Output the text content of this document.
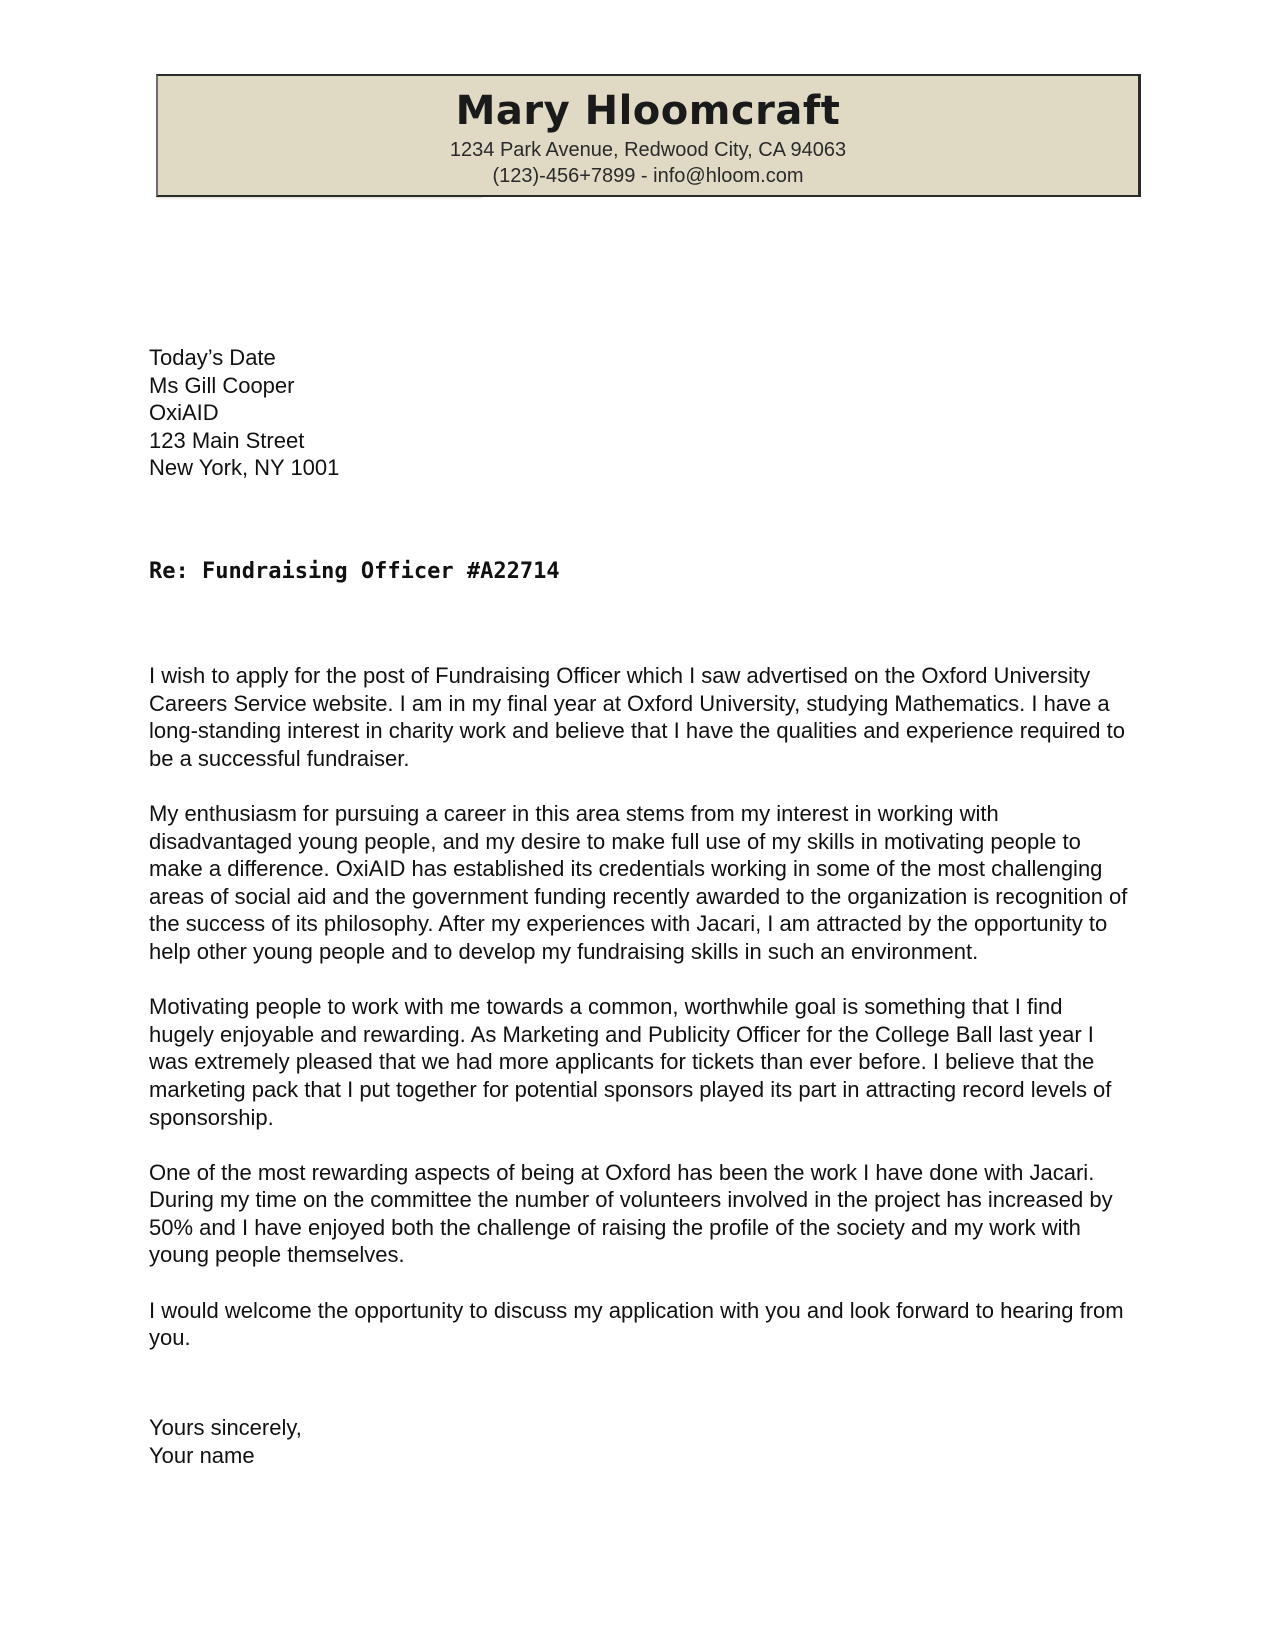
Mary Hloomcraft
1234 Park Avenue, Redwood City, CA 94063
(123)-456+7899 - info@hloom.com
Today’s Date
Ms Gill Cooper
OxiAID
123 Main Street
New York, NY 1001
Re: Fundraising Officer #A22714

I wish to apply for the post of Fundraising Officer which I saw advertised on the Oxford University Careers Service website. I am in my final year at Oxford University, studying Mathematics. I have a long-standing interest in charity work and believe that I have the qualities and experience required to be a successful fundraiser.

My enthusiasm for pursuing a career in this area stems from my interest in working with disadvantaged young people, and my desire to make full use of my skills in motivating people to make a difference. OxiAID has established its credentials working in some of the most challenging areas of social aid and the government funding recently awarded to the organization is recognition of the success of its philosophy. After my experiences with Jacari, I am attracted by the opportunity to help other young people and to develop my fundraising skills in such an environment.

Motivating people to work with me towards a common, worthwhile goal is something that I find hugely enjoyable and rewarding. As Marketing and Publicity Officer for the College Ball last year I was extremely pleased that we had more applicants for tickets than ever before. I believe that the marketing pack that I put together for potential sponsors played its part in attracting record levels of sponsorship.

One of the most rewarding aspects of being at Oxford has been the work I have done with Jacari. During my time on the committee the number of volunteers involved in the project has increased by 50% and I have enjoyed both the challenge of raising the profile of the society and my work with young people themselves.

I would welcome the opportunity to discuss my application with you and look forward to hearing from you.

Yours sincerely,
Your name
